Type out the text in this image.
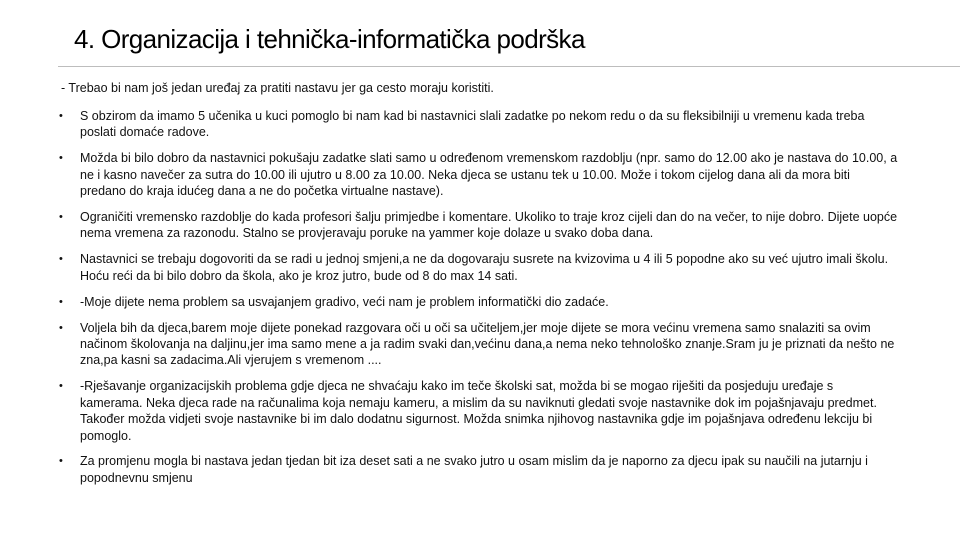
4. Organizacija i tehnička-informatička podrška
- Trebao bi nam još jedan uređaj za pratiti nastavu jer ga cesto moraju koristiti.
• S obzirom da imamo 5 učenika u kuci pomoglo bi nam kad bi nastavnici slali zadatke po nekom redu o da su fleksibilniji u vremenu kada treba poslati domaće radove.
• Možda bi bilo dobro da nastavnici pokušaju zadatke slati samo u određenom vremenskom razdoblju (npr. samo do 12.00 ako je nastava do 10.00, a ne i kasno navečer za sutra do 10.00 ili ujutro u 8.00 za 10.00. Neka djeca se ustanu tek u 10.00. Može i tokom cijelog dana ali da mora biti predano do kraja idućeg dana a ne do početka virtualne nastave).
• Ograničiti vremensko razdoblje do kada profesori šalju primjedbe i komentare. Ukoliko to traje kroz cijeli dan do na večer, to nije dobro. Dijete uopće nema vremena za razonodu. Stalno se provjeravaju poruke na yammer koje dolaze u svako doba dana.
• Nastavnici se trebaju dogovoriti da se radi u jednoj smjeni,a ne da dogovaraju susrete na kvizovima u 4 ili 5 popodne ako su već ujutro imali školu. Hoću reći da bi bilo dobro da škola, ako je kroz jutro, bude od 8 do max 14 sati.
• -Moje dijete nema problem sa usvajanjem gradivo, veći nam je problem informatički dio zadaće.
• Voljela bih da djeca,barem moje dijete ponekad razgovara oči u oči sa učiteljem,jer moje dijete se mora većinu vremena samo snalaziti sa ovim načinom školovanja na daljinu,jer ima samo mene a ja radim svaki dan,većinu dana,a nema neko tehnološko znanje.Sram ju je priznati da nešto ne zna,pa kasni sa zadacima.Ali vjerujem s vremenom ....
• -Rješavanje organizacijskih problema gdje djeca ne shvaćaju kako im teče školski sat, možda bi se mogao riješiti da posjeduju uređaje s kamerama. Neka djeca rade na računalima koja nemaju kameru, a mislim da su naviknuti gledati svoje nastavnike dok im pojašnjavaju predmet. Također možda vidjeti svoje nastavnike bi im dalo dodatnu sigurnost. Možda snimka njihovog nastavnika gdje im pojašnjava određenu lekciju bi pomoglo.
• Za promjenu mogla bi nastava jedan tjedan bit iza deset sati a ne svako jutro u osam mislim da je naporno za djecu ipak su naučili na jutarnju i popodnevnu smjenu
